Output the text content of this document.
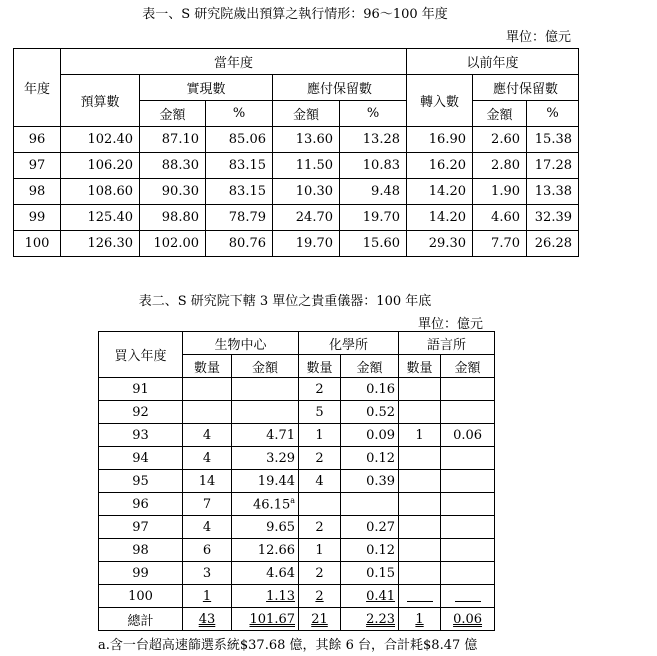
表一、S 研究院歲出預算之執行情形：96～100 年度
單位：億元
年度	當年度					以前年度		
	預算數	實現數		應付保留數		轉入數	應付保留數	
		金額	%	金額	%		金額	%
96	102.40	87.10	85.06	13.60	13.28	16.90	2.60	15.38
97	106.20	88.30	83.15	11.50	10.83	16.20	2.80	17.28
98	108.60	90.30	83.15	10.30	9.48	14.20	1.90	13.38
99	125.40	98.80	78.79	24.70	19.70	14.20	4.60	32.39
100	126.30	102.00	80.76	19.70	15.60	29.30	7.70	26.28
表二、S 研究院下轄 3 單位之貴重儀器：100 年底
單位：億元
買入年度	生物中心		化學所		語言所	
	數量	金額	數量	金額	數量	金額
91			2	0.16		
92			5	0.52		
93	4	4.71	1	0.09	1	0.06
94	4	3.29	2	0.12		
95	14	19.44	4	0.39		
96	7	46.15$^a$				
97	4	9.65	2	0.27		
98	6	12.66	1	0.12		
99	3	4.64	2	0.15		
100	1	1.13	2	0.41		
總計	43	101.67	21	2.23	1	0.06
a.含一台超高速篩選系統$37.68 億，其餘 6 台，合計耗$8.47 億
